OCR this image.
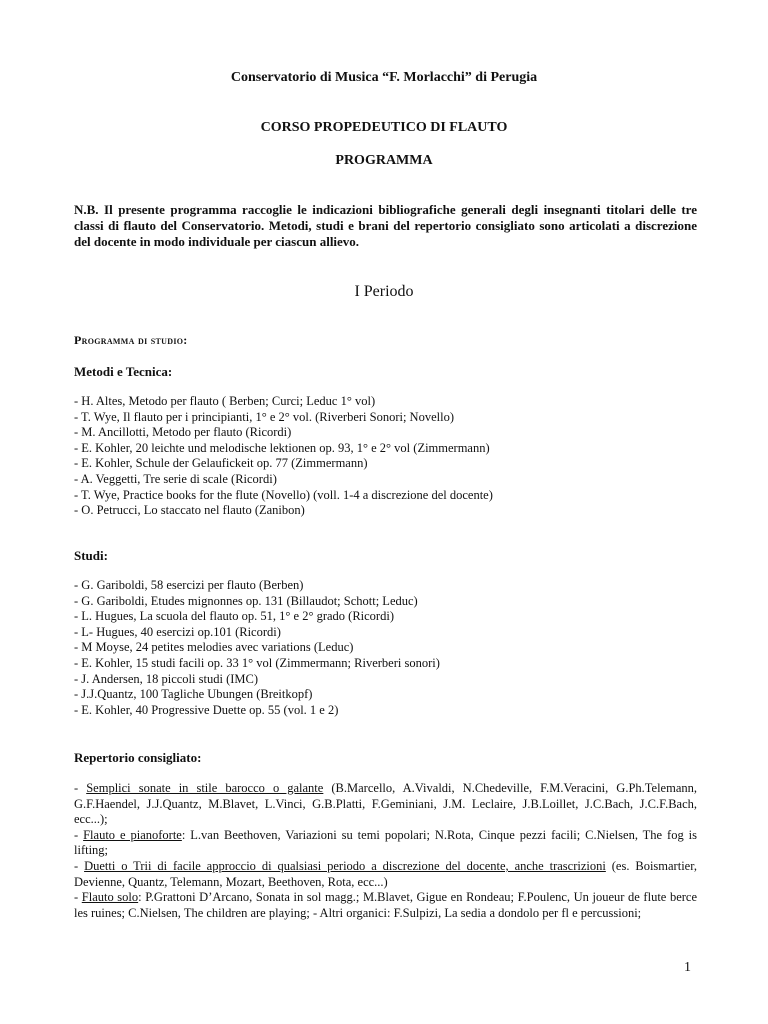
Conservatorio di Musica “F. Morlacchi” di Perugia
CORSO PROPEDEUTICO DI FLAUTO
PROGRAMMA
N.B. Il presente programma raccoglie le indicazioni bibliografiche generali degli insegnanti titolari delle tre classi di flauto del Conservatorio. Metodi, studi e brani del repertorio consigliato sono articolati a discrezione del docente in modo individuale per ciascun allievo.
I Periodo
Programma di studio:
Metodi e Tecnica:
- H. Altes, Metodo per flauto ( Berben; Curci; Leduc 1° vol)
- T. Wye, Il flauto per i principianti, 1° e 2° vol. (Riverberi Sonori; Novello)
- M. Ancillotti, Metodo per flauto (Ricordi)
- E. Kohler, 20 leichte und melodische lektionen op. 93, 1° e 2° vol (Zimmermann)
- E. Kohler, Schule der Gelaufickeit op. 77 (Zimmermann)
- A. Veggetti, Tre serie di scale (Ricordi)
- T. Wye, Practice books for the flute (Novello) (voll. 1-4 a discrezione del docente)
- O. Petrucci, Lo staccato nel flauto (Zanibon)
Studi:
- G. Gariboldi, 58 esercizi per flauto (Berben)
- G. Gariboldi, Etudes mignonnes op. 131 (Billaudot; Schott; Leduc)
- L. Hugues, La scuola del flauto op. 51, 1° e 2° grado (Ricordi)
- L- Hugues, 40 esercizi op.101 (Ricordi)
- M Moyse, 24 petites melodies avec variations (Leduc)
- E. Kohler, 15 studi facili op. 33 1° vol (Zimmermann; Riverberi sonori)
- J. Andersen, 18 piccoli studi (IMC)
- J.J.Quantz, 100 Tagliche Ubungen (Breitkopf)
- E. Kohler, 40 Progressive Duette op. 55 (vol. 1 e 2)
Repertorio consigliato:

- Semplici sonate in stile barocco o galante (B.Marcello, A.Vivaldi, N.Chedeville, F.M.Veracini, G.Ph.Telemann, G.F.Haendel, J.J.Quantz, M.Blavet, L.Vinci, G.B.Platti, F.Geminiani, J.M. Leclaire, J.B.Loillet, J.C.Bach, J.C.F.Bach, ecc...);

- Flauto e pianoforte: L.van Beethoven, Variazioni su temi popolari; N.Rota, Cinque pezzi facili; C.Nielsen, The fog is lifting;

- Duetti o Trii di facile approccio di qualsiasi periodo a discrezione del docente, anche trascrizioni (es. Boismartier, Devienne, Quantz, Telemann, Mozart, Beethoven, Rota, ecc...)

- Flauto solo: P.Grattoni D’Arcano, Sonata in sol magg.; M.Blavet, Gigue en Rondeau; F.Poulenc, Un joueur de flute berce les ruines; C.Nielsen, The children are playing; - Altri organici: F.Sulpizi, La sedia a dondolo per fl e percussioni;

1
